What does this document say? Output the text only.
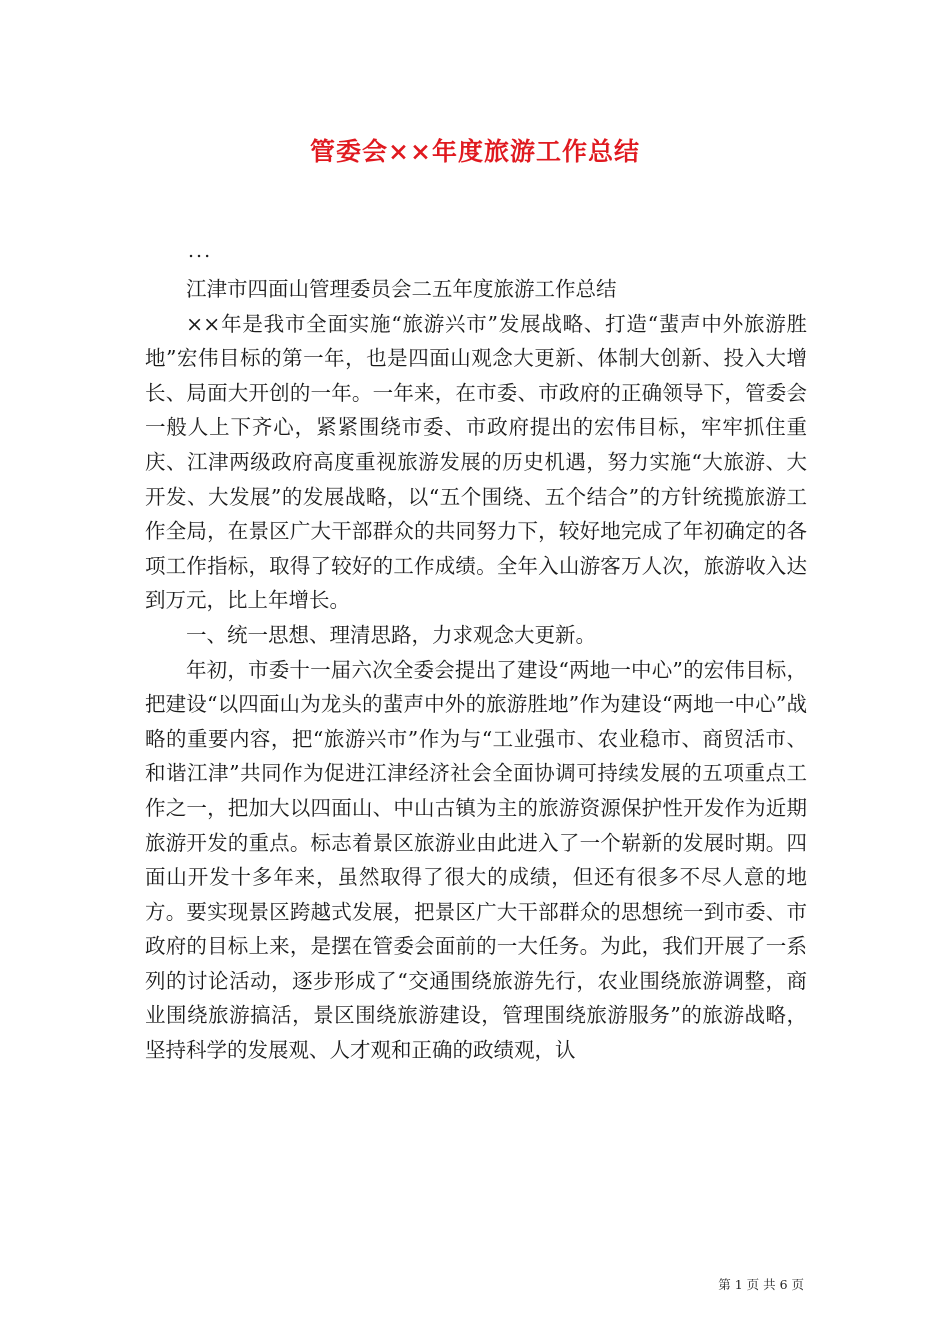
管委会××年度旅游工作总结

...

江津市四面山管理委员会二五年度旅游工作总结

××年是我市全面实施“旅游兴市”发展战略、打造“蜚声中外旅游胜地”宏伟目标的第一年，也是四面山观念大更新、体制大创新、投入大增长、局面大开创的一年。一年来，在市委、市政府的正确领导下，管委会一般人上下齐心，紧紧围绕市委、市政府提出的宏伟目标，牢牢抓住重庆、江津两级政府高度重视旅游发展的历史机遇，努力实施“大旅游、大开发、大发展”的发展战略，以“五个围绕、五个结合”的方针统揽旅游工作全局，在景区广大干部群众的共同努力下，较好地完成了年初确定的各项工作指标，取得了较好的工作成绩。全年入山游客万人次，旅游收入达到万元，比上年增长。

一、统一思想、理清思路，力求观念大更新。

年初，市委十一届六次全委会提出了建设“两地一中心”的宏伟目标，把建设“以四面山为龙头的蜚声中外的旅游胜地”作为建设“两地一中心”战略的重要内容，把“旅游兴市”作为与“工业强市、农业稳市、商贸活市、和谐江津”共同作为促进江津经济社会全面协调可持续发展的五项重点工作之一，把加大以四面山、中山古镇为主的旅游资源保护性开发作为近期旅游开发的重点。标志着景区旅游业由此进入了一个崭新的发展时期。四面山开发十多年来，虽然取得了很大的成绩，但还有很多不尽人意的地方。要实现景区跨越式发展，把景区广大干部群众的思想统一到市委、市政府的目标上来，是摆在管委会面前的一大任务。为此，我们开展了一系列的讨论活动，逐步形成了“交通围绕旅游先行，农业围绕旅游调整，商业围绕旅游搞活，景区围绕旅游建设，管理围绕旅游服务”的旅游战略，坚持科学的发展观、人才观和正确的政绩观，认

第 1 页 共 6 页
